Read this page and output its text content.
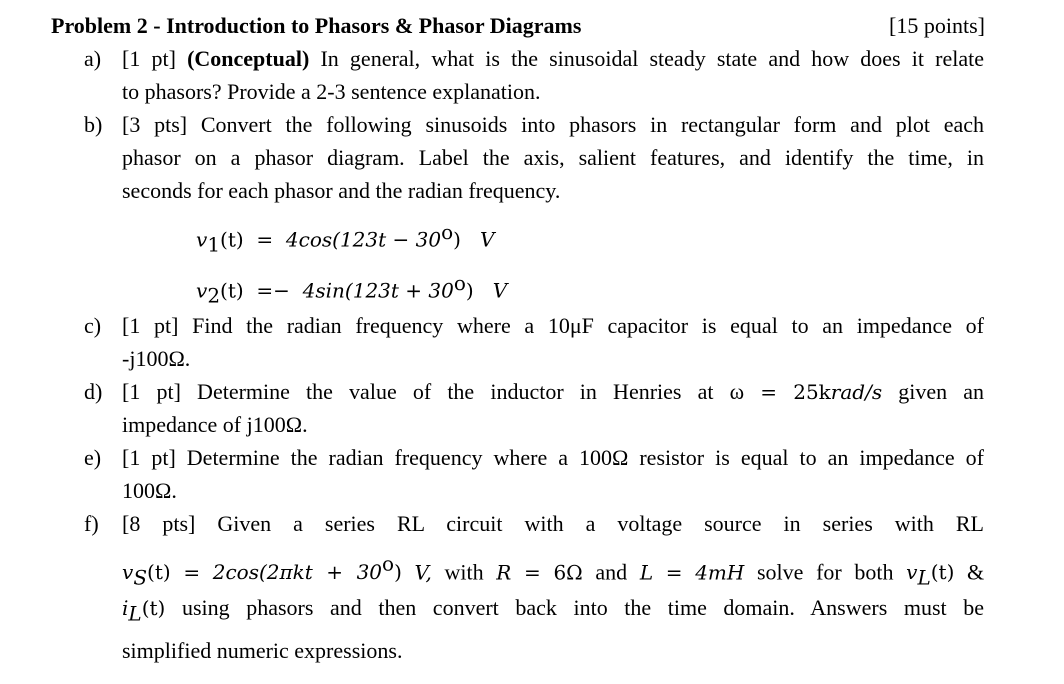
Problem 2 - Introduction to Phasors & Phasor Diagrams	[15 points]
a) [1 pt] (Conceptual) In general, what is the sinusoidal steady state and how does it relate
to phasors? Provide a 2-3 sentence explanation.
b) [3 pts] Convert the following sinusoids into phasors in rectangular form and plot each
phasor on a phasor diagram. Label the axis, salient features, and identify the time, in
seconds for each phasor and the radian frequency.
$v_1(t) = 4\cos(123t - 30^o)$ V
$v_2(t) =- 4\sin(123t + 30^o)$ V
c) [1 pt] Find the radian frequency where a 10μF capacitor is equal to an impedance of
-j100Ω.
d) [1 pt] Determine the value of the inductor in Henries at ω = 25krad/s given an
impedance of j100Ω.
e) [1 pt] Determine the radian frequency where a 100Ω resistor is equal to an impedance of
100Ω.
f) [8 pts] Given a series RL circuit with a voltage source in series with RL
$v_S(t) = 2\cos(2\pi kt + 30^o)$ V, with R = 6Ω and L = 4mH solve for both $v_L(t)$ &
$i_L(t)$ using phasors and then convert back into the time domain. Answers must be
simplified numeric expressions.
